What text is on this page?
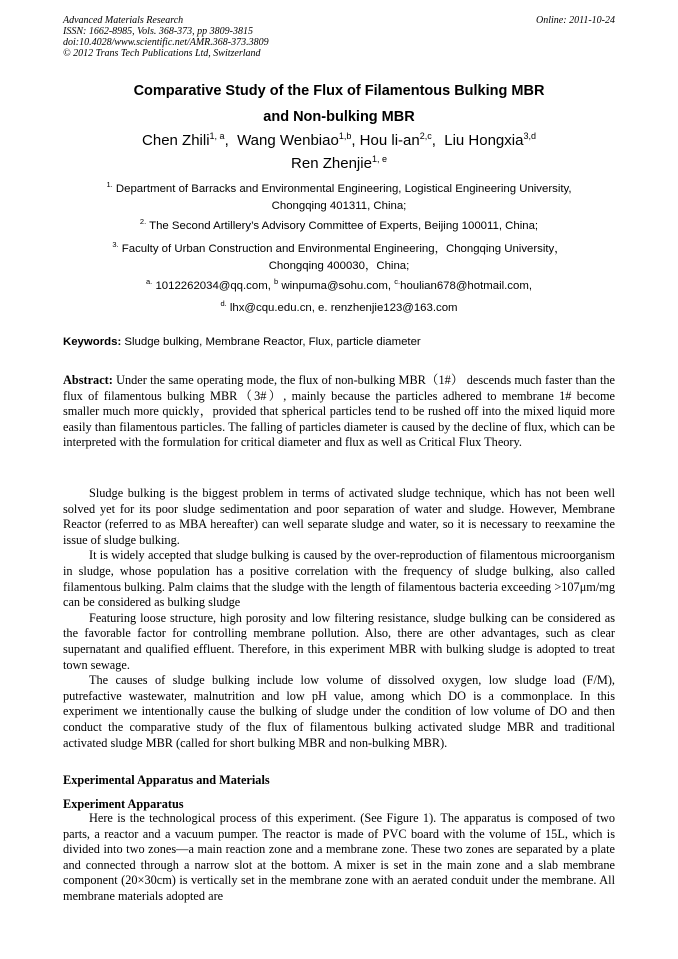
Advanced Materials Research
ISSN: 1662-8985, Vols. 368-373, pp 3809-3815
doi:10.4028/www.scientific.net/AMR.368-373.3809
© 2012 Trans Tech Publications Ltd, Switzerland
Online: 2011-10-24
Comparative Study of the Flux of Filamentous Bulking MBR
and Non-bulking MBR
Chen Zhili$^{1, a}$,  Wang Wenbiao$^{1,b}$, Hou li-an$^{2,c}$,  Liu Hongxia$^{3,d}$
Ren Zhenjie$^{1, e}$
$^{1.}$ Department of Barracks and Environmental Engineering, Logistical Engineering University,
Chongqing 401311, China;
$^{2.}$ The Second Artillery’s Advisory Committee of Experts, Beijing 100011, China;
$^{3.}$ Faculty of Urban Construction and Environmental Engineering，Chongqing University，
Chongqing 400030，China;
$^{a.}$ 1012262034@qq.com, $^b$ winpuma@sohu.com, $^{c.}$houlian678@hotmail.com,
$^{d.}$ lhx@cqu.edu.cn, e. renzhenjie123@163.com
Keywords: Sludge bulking, Membrane Reactor, Flux, particle diameter

Abstract: Under the same operating mode, the flux of non-bulking MBR（1#） descends much faster than the flux of filamentous bulking MBR（3#）, mainly because the particles adhered to membrane 1# become smaller much more quickly，provided that spherical particles tend to be rushed off into the mixed liquid more easily than filamentous particles. The falling of particles diameter is caused by the decline of flux, which can be interpreted with the formulation for critical diameter and flux as well as Critical Flux Theory.

Sludge bulking is the biggest problem in terms of activated sludge technique, which has not been well solved yet for its poor sludge sedimentation and poor separation of water and sludge. However, Membrane Reactor (referred to as MBA hereafter) can well separate sludge and water, so it is necessary to reexamine the issue of sludge bulking.

It is widely accepted that sludge bulking is caused by the over-reproduction of filamentous microorganism in sludge, whose population has a positive correlation with the frequency of sludge bulking, also called filamentous bulking. Palm claims that the sludge with the length of filamentous bacteria exceeding >107μm/mg can be considered as bulking sludge

Featuring loose structure, high porosity and low filtering resistance, sludge bulking can be considered as the favorable factor for controlling membrane pollution. Also, there are other advantages, such as clear supernatant and qualified effluent. Therefore, in this experiment MBR with bulking sludge is adopted to treat town sewage.

The causes of sludge bulking include low volume of dissolved oxygen, low sludge load (F/M), putrefactive wastewater, malnutrition and low pH value, among which DO is a commonplace. In this experiment we intentionally cause the bulking of sludge under the condition of low volume of DO and then conduct the comparative study of the flux of filamentous bulking activated sludge MBR and traditional activated sludge MBR (called for short bulking MBR and non-bulking MBR).

Experimental Apparatus and Materials
Experiment Apparatus

Here is the technological process of this experiment. (See Figure 1). The apparatus is composed of two parts, a reactor and a vacuum pumper. The reactor is made of PVC board with the volume of 15L, which is divided into two zones—a main reaction zone and a membrane zone. These two zones are separated by a plate and connected through a narrow slot at the bottom. A mixer is set in the main zone and a slab membrane component (20×30cm) is vertically set in the membrane zone with an aerated conduit under the membrane. All membrane materials adopted are
